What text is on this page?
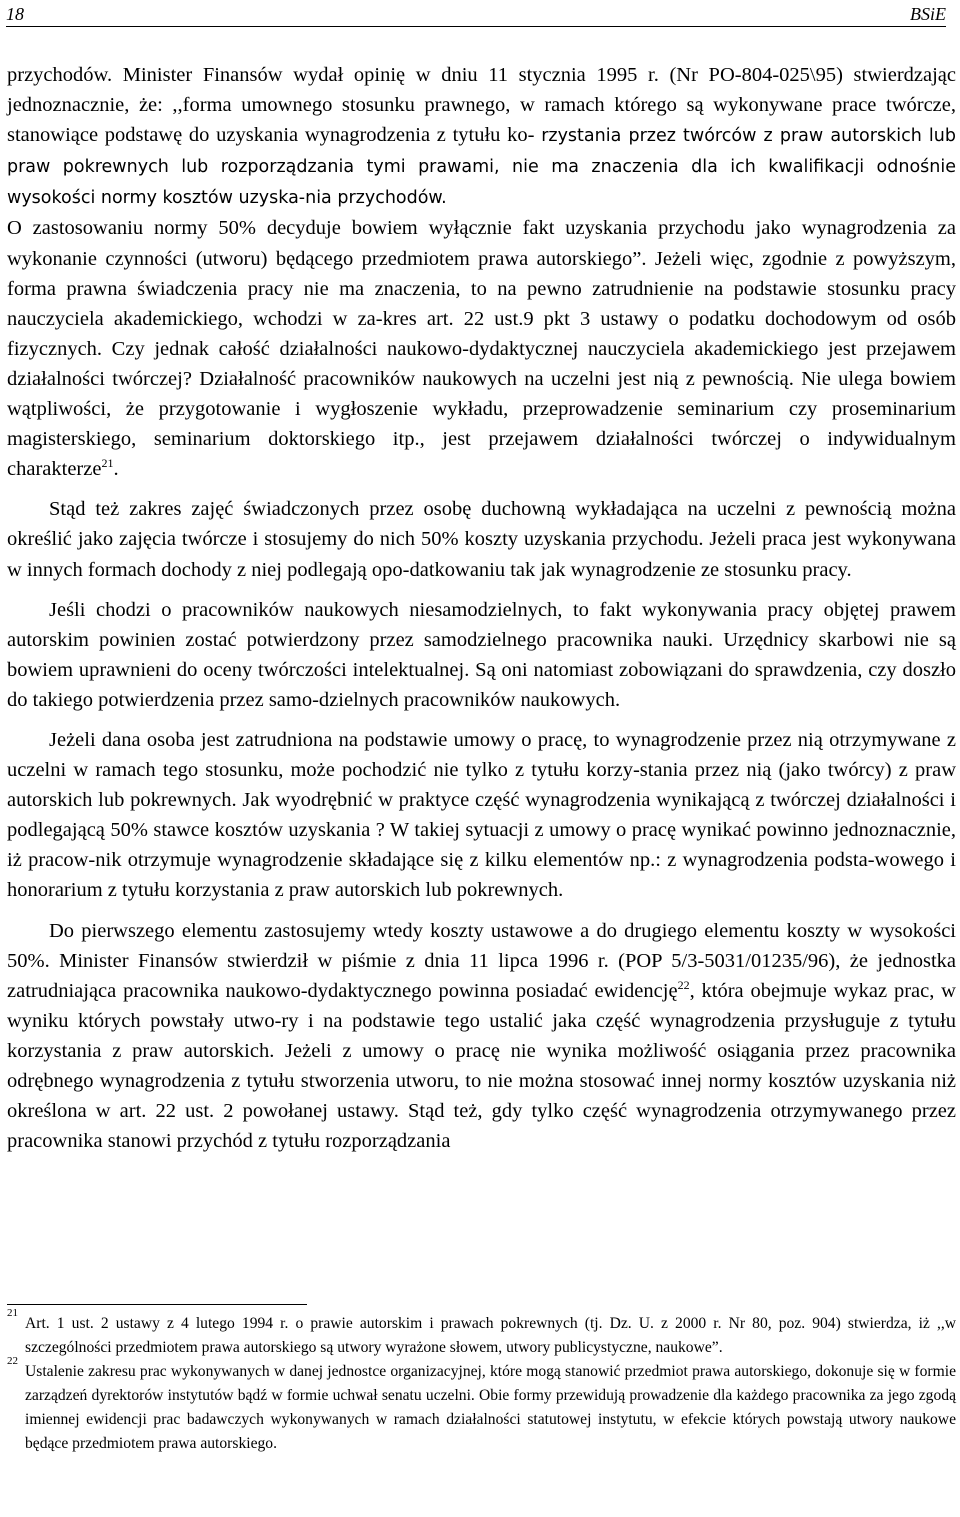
18	BSiE

przychodów. Minister Finansów wydał opinię w dniu 11 stycznia 1995 r. (Nr PO-804-025\95) stwierdzając jednoznacznie, że: ,,forma umownego stosunku prawnego, w ramach którego są wykonywane prace twórcze, stanowiące podstawę do uzyskania wynagrodzenia z tytułu ko- rzystania przez twórców z praw autorskich lub praw pokrewnych lub rozporządzania tymi prawami, nie ma znaczenia dla ich kwalifikacji odnośnie wysokości normy kosztów uzyska-nia przychodów.

O zastosowaniu normy 50% decyduje bowiem wyłącznie fakt uzyskania przychodu jako wynagrodzenia za wykonanie czynności (utworu) będącego przedmiotem prawa autorskiego”. Jeżeli więc, zgodnie z powyższym, forma prawna świadczenia pracy nie ma znaczenia, to na pewno zatrudnienie na podstawie stosunku pracy nauczyciela akademickiego, wchodzi w za-kres art. 22 ust.9 pkt 3 ustawy o podatku dochodowym od osób fizycznych. Czy jednak całość działalności naukowo-dydaktycznej nauczyciela akademickiego jest przejawem działalności twórczej? Działalność pracowników naukowych na uczelni jest nią z pewnością. Nie ulega bowiem wątpliwości, że przygotowanie i wygłoszenie wykładu, przeprowadzenie seminarium czy proseminarium magisterskiego, seminarium doktorskiego itp., jest przejawem działalności twórczej o indywidualnym charakterze$^{21}$.

Stąd też zakres zajęć świadczonych przez osobę duchowną wykładająca na uczelni z pewnością można określić jako zajęcia twórcze i stosujemy do nich 50% koszty uzyskania przychodu. Jeżeli praca jest wykonywana w innych formach dochody z niej podlegają opo-datkowaniu tak jak wynagrodzenie ze stosunku pracy.

Jeśli chodzi o pracowników naukowych niesamodzielnych, to fakt wykonywania pracy objętej prawem autorskim powinien zostać potwierdzony przez samodzielnego pracownika nauki. Urzędnicy skarbowi nie są bowiem uprawnieni do oceny twórczości intelektualnej. Są oni natomiast zobowiązani do sprawdzenia, czy doszło do takiego potwierdzenia przez samo-dzielnych pracowników naukowych.

Jeżeli dana osoba jest zatrudniona na podstawie umowy o pracę, to wynagrodzenie przez nią otrzymywane z uczelni w ramach tego stosunku, może pochodzić nie tylko z tytułu korzy-stania przez nią (jako twórcy) z praw autorskich lub pokrewnych. Jak wyodrębnić w praktyce część wynagrodzenia wynikającą z twórczej działalności i podlegającą 50% stawce kosztów uzyskania ? W takiej sytuacji z umowy o pracę wynikać powinno jednoznacznie, iż pracow-nik otrzymuje wynagrodzenie składające się z kilku elementów np.: z wynagrodzenia podsta-wowego i honorarium z tytułu korzystania z praw autorskich lub pokrewnych.

Do pierwszego elementu zastosujemy wtedy koszty ustawowe a do drugiego elementu koszty w wysokości 50%. Minister Finansów stwierdził w piśmie z dnia 11 lipca 1996 r. (POP 5/3-5031/01235/96), że jednostka zatrudniająca pracownika naukowo-dydaktycznego powinna posiadać ewidencję$^{22}$, która obejmuje wykaz prac, w wyniku których powstały utwo-ry i na podstawie tego ustalić jaka część wynagrodzenia przysługuje z tytułu korzystania z praw autorskich. Jeżeli z umowy o pracę nie wynika możliwość osiągania przez pracownika odrębnego wynagrodzenia z tytułu stworzenia utworu, to nie można stosować innej normy kosztów uzyskania niż określona w art. 22 ust. 2 powołanej ustawy. Stąd też, gdy tylko część wynagrodzenia otrzymywanego przez pracownika stanowi przychód z tytułu rozporządzania

21
Art. 1 ust. 2 ustawy z 4 lutego 1994 r. o prawie autorskim i prawach pokrewnych (tj. Dz. U. z 2000 r. Nr 80, poz. 904) stwierdza, iż ,,w szczególności przedmiotem prawa autorskiego są utwory wyrażone słowem, utwory publicystyczne, naukowe”.
22
Ustalenie zakresu prac wykonywanych w danej jednostce organizacyjnej, które mogą stanowić przedmiot prawa autorskiego, dokonuje się w formie zarządzeń dyrektorów instytutów bądź w formie uchwał senatu uczelni. Obie formy przewidują prowadzenie dla każdego pracownika za jego zgodą imiennej ewidencji prac badawczych wykonywanych w ramach działalności statutowej instytutu, w efekcie których powstają utwory naukowe będące przedmiotem prawa autorskiego.
